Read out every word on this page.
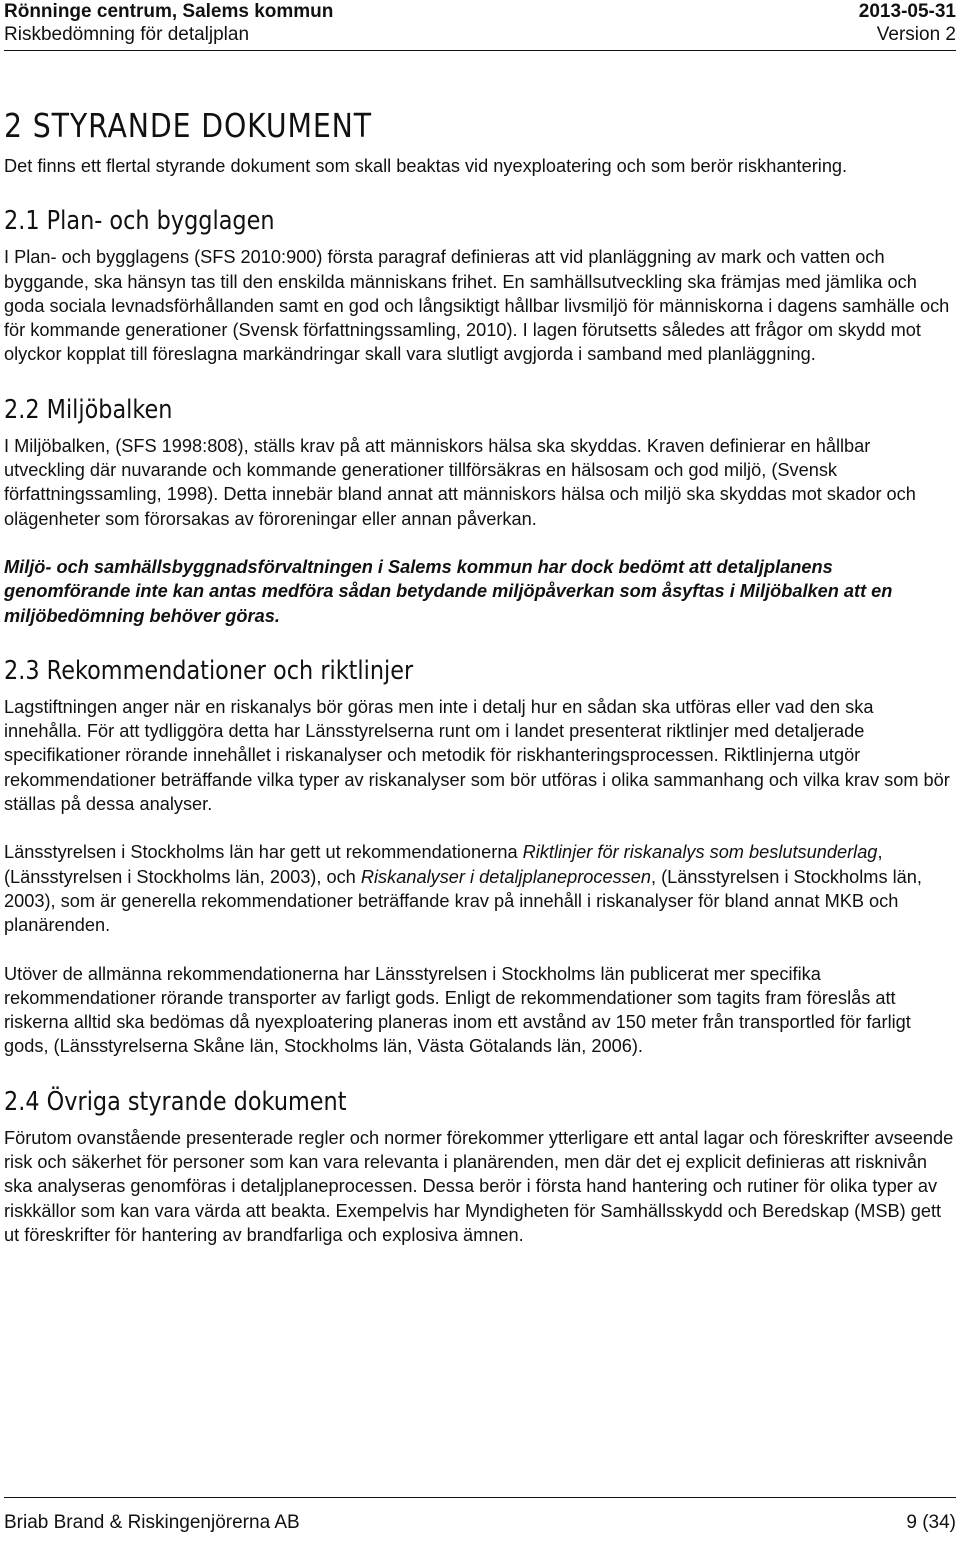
Rönninge centrum, Salems kommun	2013-05-31
Riskbedömning för detaljplan	Version 2
2 STYRANDE DOKUMENT

Det finns ett flertal styrande dokument som skall beaktas vid nyexploatering och som berör riskhantering.

2.1 Plan- och bygglagen

I Plan- och bygglagens (SFS 2010:900) första paragraf definieras att vid planläggning av mark och vatten och byggande, ska hänsyn tas till den enskilda människans frihet. En samhällsutveckling ska främjas med jämlika och goda sociala levnadsförhållanden samt en god och långsiktigt hållbar livsmiljö för människorna i dagens samhälle och för kommande generationer (Svensk författningssamling, 2010). I lagen förutsetts således att frågor om skydd mot olyckor kopplat till föreslagna markändringar skall vara slutligt avgjorda i samband med planläggning.

2.2 Miljöbalken

I Miljöbalken, (SFS 1998:808), ställs krav på att människors hälsa ska skyddas. Kraven definierar en hållbar utveckling där nuvarande och kommande generationer tillförsäkras en hälsosam och god miljö, (Svensk författningssamling, 1998). Detta innebär bland annat att människors hälsa och miljö ska skyddas mot skador och olägenheter som förorsakas av föroreningar eller annan påverkan.

Miljö- och samhällsbyggnadsförvaltningen i Salems kommun har dock bedömt att detaljplanens genomförande inte kan antas medföra sådan betydande miljöpåverkan som åsyftas i Miljöbalken att en miljöbedömning behöver göras.

2.3 Rekommendationer och riktlinjer

Lagstiftningen anger när en riskanalys bör göras men inte i detalj hur en sådan ska utföras eller vad den ska innehålla. För att tydliggöra detta har Länsstyrelserna runt om i landet presenterat riktlinjer med detaljerade specifikationer rörande innehållet i riskanalyser och metodik för riskhanteringsprocessen. Riktlinjerna utgör rekommendationer beträffande vilka typer av riskanalyser som bör utföras i olika sammanhang och vilka krav som bör ställas på dessa analyser.

Länsstyrelsen i Stockholms län har gett ut rekommendationerna Riktlinjer för riskanalys som beslutsunderlag, (Länsstyrelsen i Stockholms län, 2003), och Riskanalyser i detaljplaneprocessen, (Länsstyrelsen i Stockholms län, 2003), som är generella rekommendationer beträffande krav på innehåll i riskanalyser för bland annat MKB och planärenden.

Utöver de allmänna rekommendationerna har Länsstyrelsen i Stockholms län publicerat mer specifika rekommendationer rörande transporter av farligt gods. Enligt de rekommendationer som tagits fram föreslås att riskerna alltid ska bedömas då nyexploatering planeras inom ett avstånd av 150 meter från transportled för farligt gods, (Länsstyrelserna Skåne län, Stockholms län, Västa Götalands län, 2006).

2.4 Övriga styrande dokument

Förutom ovanstående presenterade regler och normer förekommer ytterligare ett antal lagar och föreskrifter avseende risk och säkerhet för personer som kan vara relevanta i planärenden, men där det ej explicit definieras att risknivån ska analyseras genomföras i detaljplaneprocessen. Dessa berör i första hand hantering och rutiner för olika typer av riskkällor som kan vara värda att beakta. Exempelvis har Myndigheten för Samhällsskydd och Beredskap (MSB) gett ut föreskrifter för hantering av brandfarliga och explosiva ämnen.

Briab Brand & Riskingenjörerna AB	9 (34)
